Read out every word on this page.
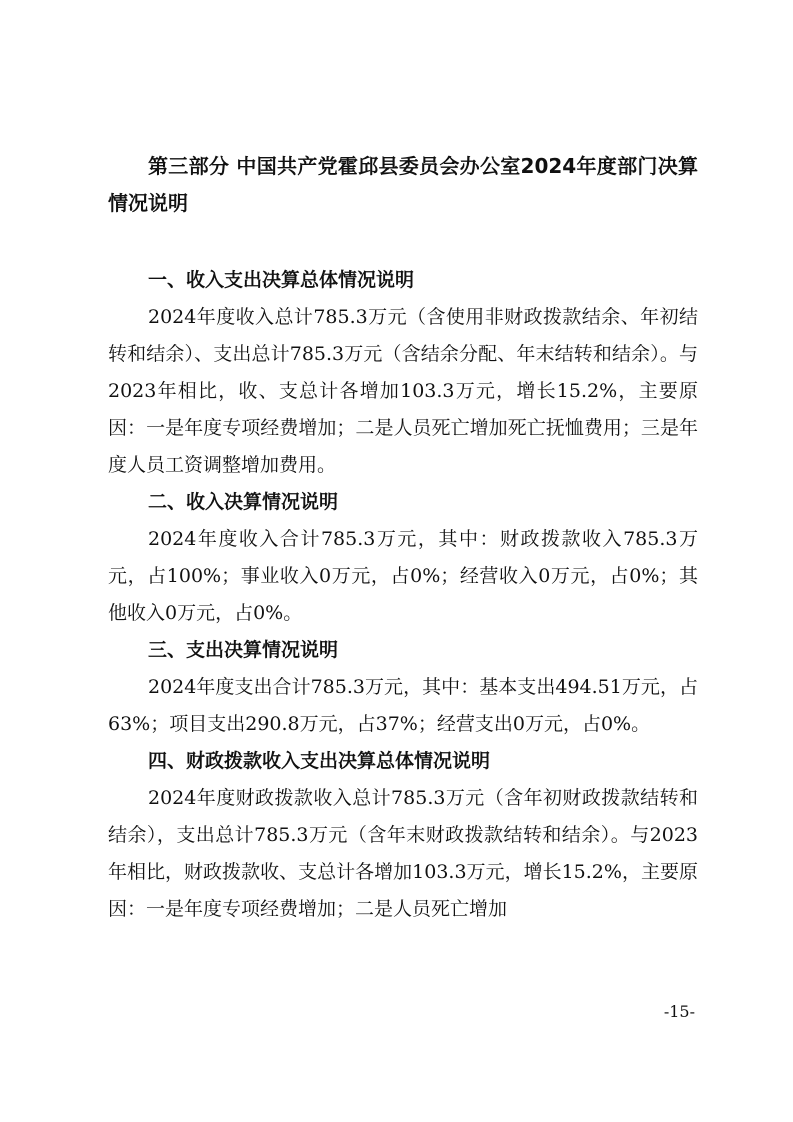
第三部分 中国共产党霍邱县委员会办公室2024年度部门决算情况说明
一、收入支出决算总体情况说明

2024年度收入总计785.3万元（含使用非财政拨款结余、年初结转和结余）、支出总计785.3万元（含结余分配、年末结转和结余）。与2023年相比，收、支总计各增加103.3万元，增长15.2%，主要原因：一是年度专项经费增加；二是人员死亡增加死亡抚恤费用；三是年度人员工资调整增加费用。

二、收入决算情况说明

2024年度收入合计785.3万元，其中：财政拨款收入785.3万元，占100%；事业收入0万元，占0%；经营收入0万元，占0%；其他收入0万元，占0%。

三、支出决算情况说明

2024年度支出合计785.3万元，其中：基本支出494.51万元，占63%；项目支出290.8万元，占37%；经营支出0万元，占0%。

四、财政拨款收入支出决算总体情况说明

2024年度财政拨款收入总计785.3万元（含年初财政拨款结转和结余），支出总计785.3万元（含年末财政拨款结转和结余）。与2023年相比，财政拨款收、支总计各增加103.3万元，增长15.2%，主要原因：一是年度专项经费增加；二是人员死亡增加

-15-
